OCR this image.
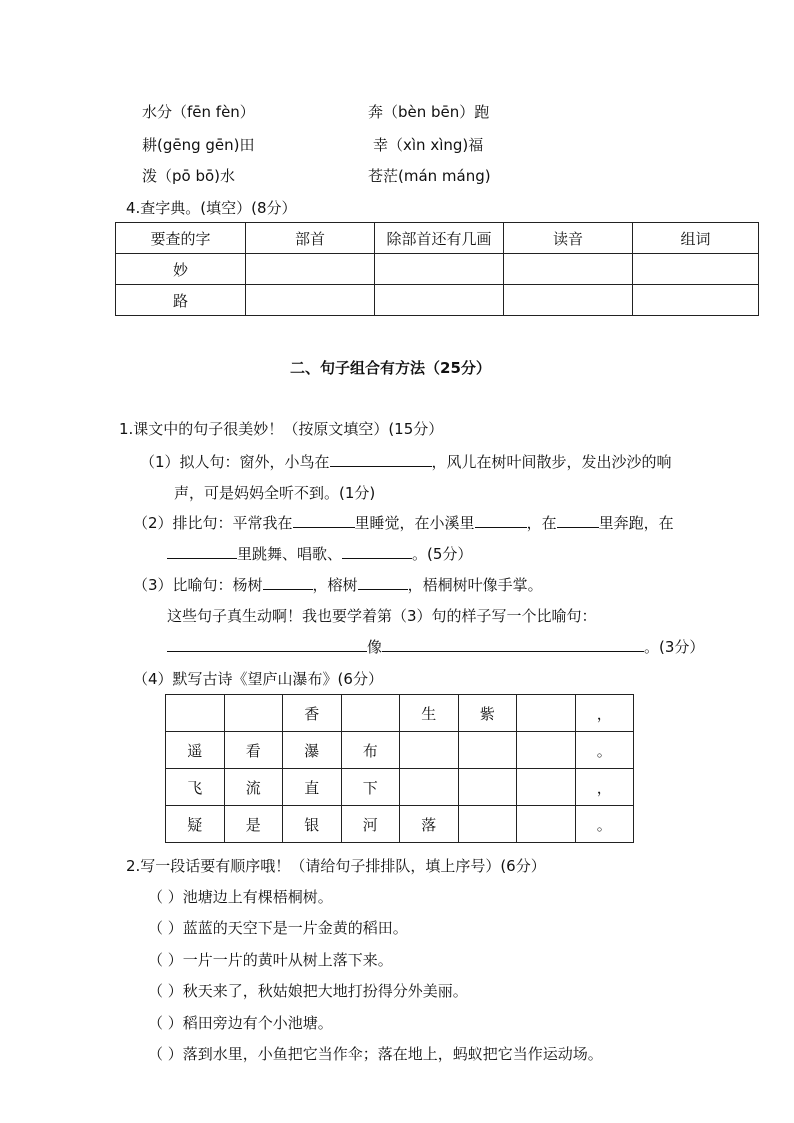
水分（fēn fèn）	奔（bèn bēn）跑
耕(gēng gēn)田	幸（xìn xìng)福
泼（pō bō)水	苍茫(mán máng)
4.查字典。(填空）(8分）
要查的字	部首	除部首还有几画	读音	组词
妙				
路				
二、句子组合有方法（25分）
1.课文中的句子很美妙！（按原文填空）(15分）
（1）拟人句：窗外，小鸟在	，风儿在树叶间散步，发出沙沙的响
声，可是妈妈全听不到。(1分)
（2）排比句：平常我在	里睡觉，在小溪里	，在	里奔跑，在
里跳舞、唱歌、	。(5分）
（3）比喻句：杨树	，榕树	，梧桐树叶像手掌。
这些句子真生动啊！我也要学着第（3）句的样子写一个比喻句：
像	。(3分）
（4）默写古诗《望庐山瀑布》(6分）
		香		生	紫		，
遥	看	瀑	布				。
飞	流	直	下				，
疑	是	银	河	落			。
2.写一段话要有顺序哦！（请给句子排排队，填上序号）(6分）
（ ）池塘边上有棵梧桐树。
（ ）蓝蓝的天空下是一片金黄的稻田。
（ ）一片一片的黄叶从树上落下来。
（ ）秋天来了，秋姑娘把大地打扮得分外美丽。
（ ）稻田旁边有个小池塘。
（ ）落到水里，小鱼把它当作伞；落在地上，蚂蚁把它当作运动场。
